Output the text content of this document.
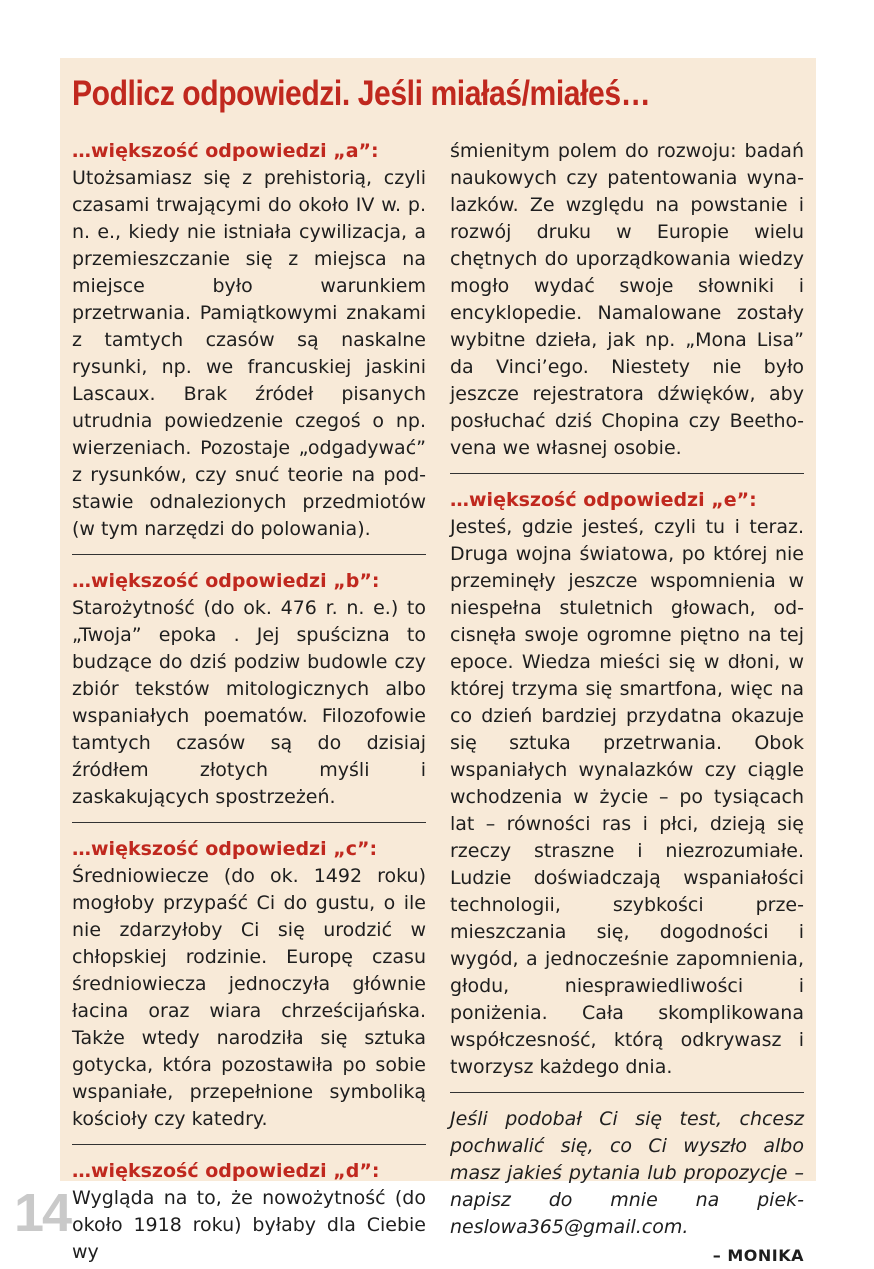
Podlicz odpowiedzi. Jeśli miałaś/miałeś…
…większość odpowiedzi „a”:

Utożsamiasz się z prehistorią, czyli czasami trwającymi do około IV w. p. n. e., kiedy nie istniała cywilizacja, a przemieszczanie się z miejsca na miejsce było warunkiem przetrwania. Pamiątkowymi znakami z tamtych czasów są naskalne rysunki, np. we francuskiej jaskini Lascaux. Brak źródeł pisanych utrudnia powiedzenie czegoś o np. wierzeniach. Pozostaje „odgadywać” z rysunków, czy snuć teorie na podstawie odnalezionych przedmiotów (w tym narzędzi do polowania).

…większość odpowiedzi „b”:

Starożytność (do ok. 476 r. n. e.) to „Twoja” epoka . Jej spuścizna to budzące do dziś podziw budowle czy zbiór tekstów mitologicznych albo wspaniałych poematów. Filozofowie tamtych czasów są do dzisiaj źródłem złotych myśli i zaskakujących spostrzeżeń.

…większość odpowiedzi „c”:

Średniowiecze (do ok. 1492 roku) mogłoby przypaść Ci do gustu, o ile nie zdarzyłoby Ci się urodzić w chłopskiej rodzinie. Europę czasu średniowiecza jednoczyła głównie łacina oraz wiara chrześcijańska. Także wtedy narodziła się sztuka gotycka, która pozostawiła po sobie wspaniałe, przepełnione symboliką kościoły czy katedry.

…większość odpowiedzi „d”:

Wygląda na to, że nowożytność (do około 1918 roku) byłaby dla Ciebie wy

śmienitym polem do rozwoju: badań naukowych czy patentowania wynalazków. Ze względu na powstanie i rozwój druku w Europie wielu chętnych do uporządkowania wiedzy mogło wydać swoje słowniki i encyklopedie. Namalowane zostały wybitne dzieła, jak np. „Mona Lisa” da Vinci’ego. Niestety nie było jeszcze rejestratora dźwięków, aby posłuchać dziś Chopina czy Beethovena we własnej osobie.

…większość odpowiedzi „e”:

Jesteś, gdzie jesteś, czyli tu i teraz. Druga wojna światowa, po której nie przeminęły jeszcze wspomnienia w niespełna stuletnich głowach, odcisnęła swoje ogromne piętno na tej epoce. Wiedza mieści się w dłoni, w której trzyma się smartfona, więc na co dzień bardziej przydatna okazuje się sztuka przetrwania. Obok wspaniałych wynalazków czy ciągle wchodzenia w życie – po tysiącach lat – równości ras i płci, dzieją się rzeczy straszne i niezrozumiałe. Ludzie doświadczają wspaniałości technologii, szybkości przemieszczania się, dogodności i wygód, a jednocześnie zapomnienia, głodu, niesprawiedliwości i poniżenia. Cała skomplikowana współczesność, którą odkrywasz i tworzysz każdego dnia.

Jeśli podobał Ci się test, chcesz pochwalić się, co Ci wyszło albo masz jakieś pytania lub propozycje – napisz do mnie na piekneslowa365@gmail.com.

– MONIKA

14
